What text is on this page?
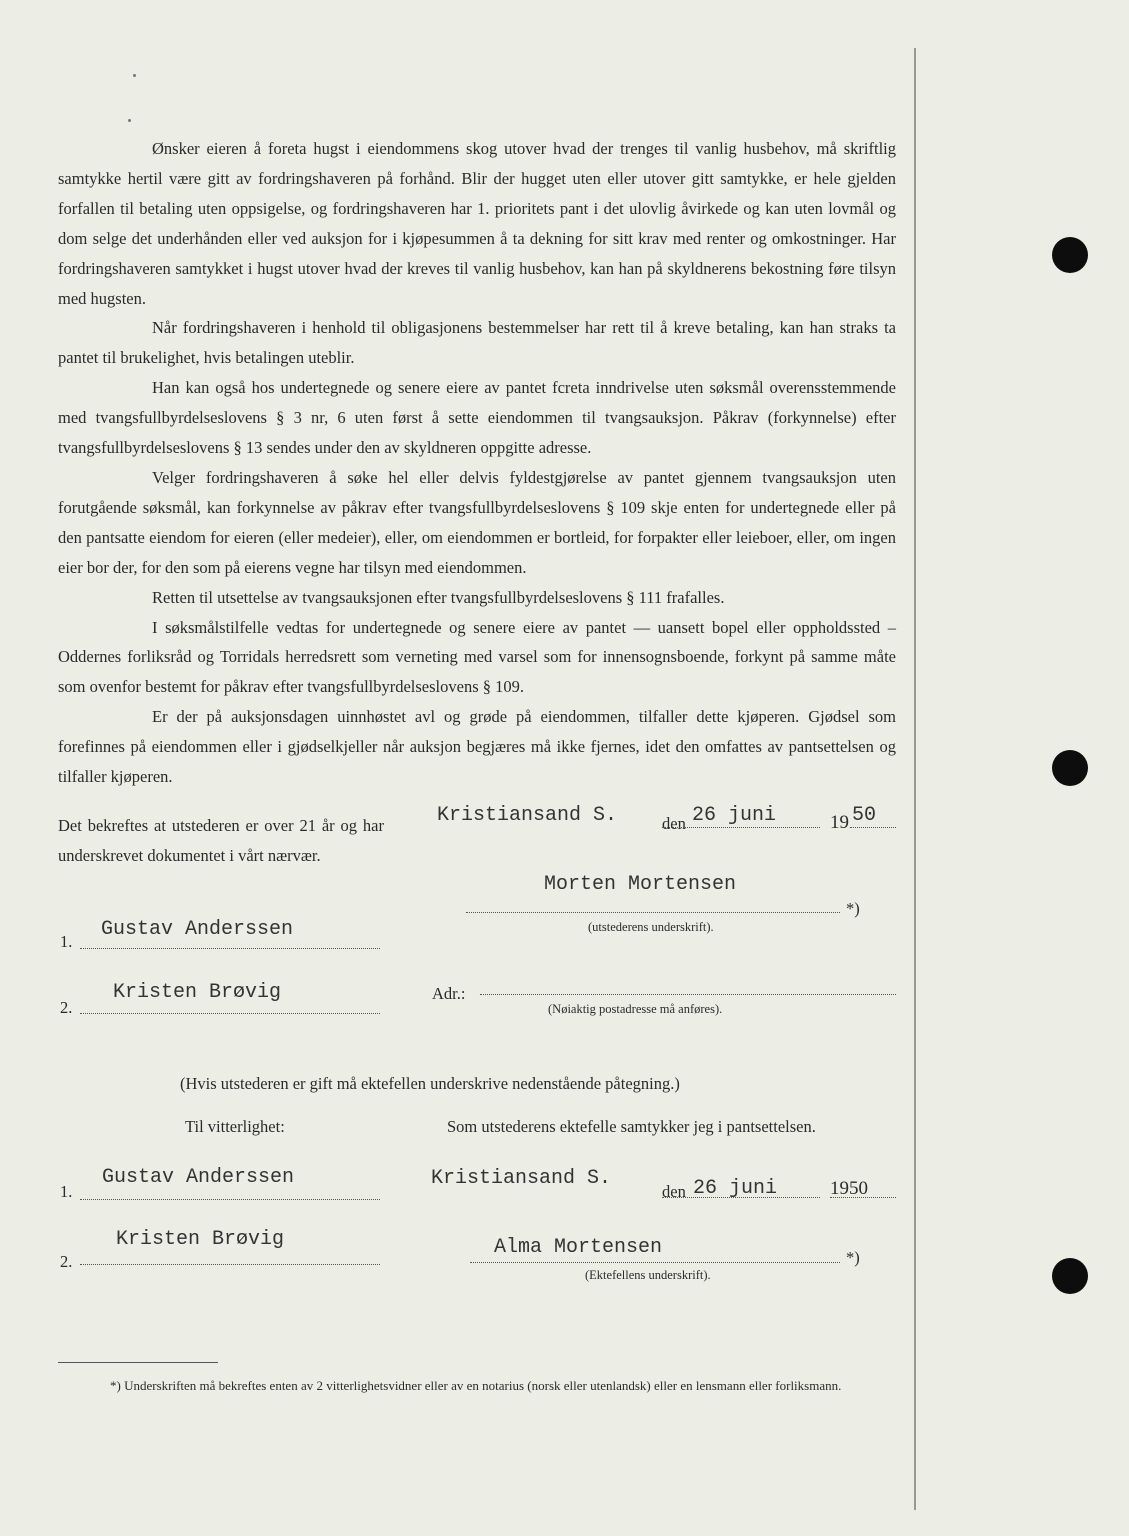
Ønsker eieren å foreta hugst i eiendommens skog utover hvad der trenges til vanlig husbehov, må skriftlig samtykke hertil være gitt av fordringshaveren på forhånd. Blir der hugget uten eller utover gitt samtykke, er hele gjelden forfallen til betaling uten oppsigelse, og fordringshaveren har 1. prioritets pant i det ulovlig åvirkede og kan uten lovmål og dom selge det underhånden eller ved auksjon for i kjøpesummen å ta dekning for sitt krav med renter og omkostninger. Har fordringshaveren samtykket i hugst utover hvad der kreves til vanlig husbehov, kan han på skyldnerens bekostning føre tilsyn med hugsten.

Når fordringshaveren i henhold til obligasjonens bestemmelser har rett til å kreve betaling, kan han straks ta pantet til brukelighet, hvis betalingen uteblir.

Han kan også hos undertegnede og senere eiere av pantet fcreta inndrivelse uten søksmål overensstemmende med tvangsfullbyrdelseslovens § 3 nr, 6 uten først å sette eiendommen til tvangsauksjon. Påkrav (forkynnelse) efter tvangsfullbyrdelseslovens § 13 sendes under den av skyldneren oppgitte adresse.

Velger fordringshaveren å søke hel eller delvis fyldestgjørelse av pantet gjennem tvangsauksjon uten forutgående søksmål, kan forkynnelse av påkrav efter tvangsfullbyrdelseslovens § 109 skje enten for undertegnede eller på den pantsatte eiendom for eieren (eller medeier), eller, om eiendommen er bortleid, for forpakter eller leieboer, eller, om ingen eier bor der, for den som på eierens vegne har tilsyn med eiendommen.

Retten til utsettelse av tvangsauksjonen efter tvangsfullbyrdelseslovens § 111 frafalles.

I søksmålstilfelle vedtas for undertegnede og senere eiere av pantet — uansett bopel eller oppholdssted – Oddernes forliksråd og Torridals herredsrett som verneting med varsel som for innensognsboende, forkynt på samme måte som ovenfor bestemt for påkrav efter tvangsfullbyrdelseslovens § 109.

Er der på auksjonsdagen uinnhøstet avl og grøde på eiendommen, tilfaller dette kjøperen. Gjødsel som forefinnes på eiendommen eller i gjødselkjeller når auksjon begjæres må ikke fjernes, idet den omfattes av pantsettelsen og tilfaller kjøperen.

Det bekreftes at utstederen er over 21 år og har underskrevet dokumentet i vårt nærvær.
Kristiansand S.	den 26 juni	19 50
Morten Mortensen
*)
(utstederens underskrift).
Adr.:
(Nøiaktig postadresse må anføres).
1.
Gustav Anderssen
2.
Kristen Brøvig
(Hvis utstederen er gift må ektefellen underskrive nedenstående påtegning.)
Til vitterlighet:	Som utstederens ektefelle samtykker jeg i pantsettelsen.
Kristiansand S.
den 26 juni	1950
1.
Gustav Anderssen
2.
Kristen Brøvig	Alma Mortensen	*)
(Ektefellens underskrift).
*) Underskriften må bekreftes enten av 2 vitterlighetsvidner eller av en notarius (norsk eller utenlandsk) eller en lensmann eller forliksmann.
